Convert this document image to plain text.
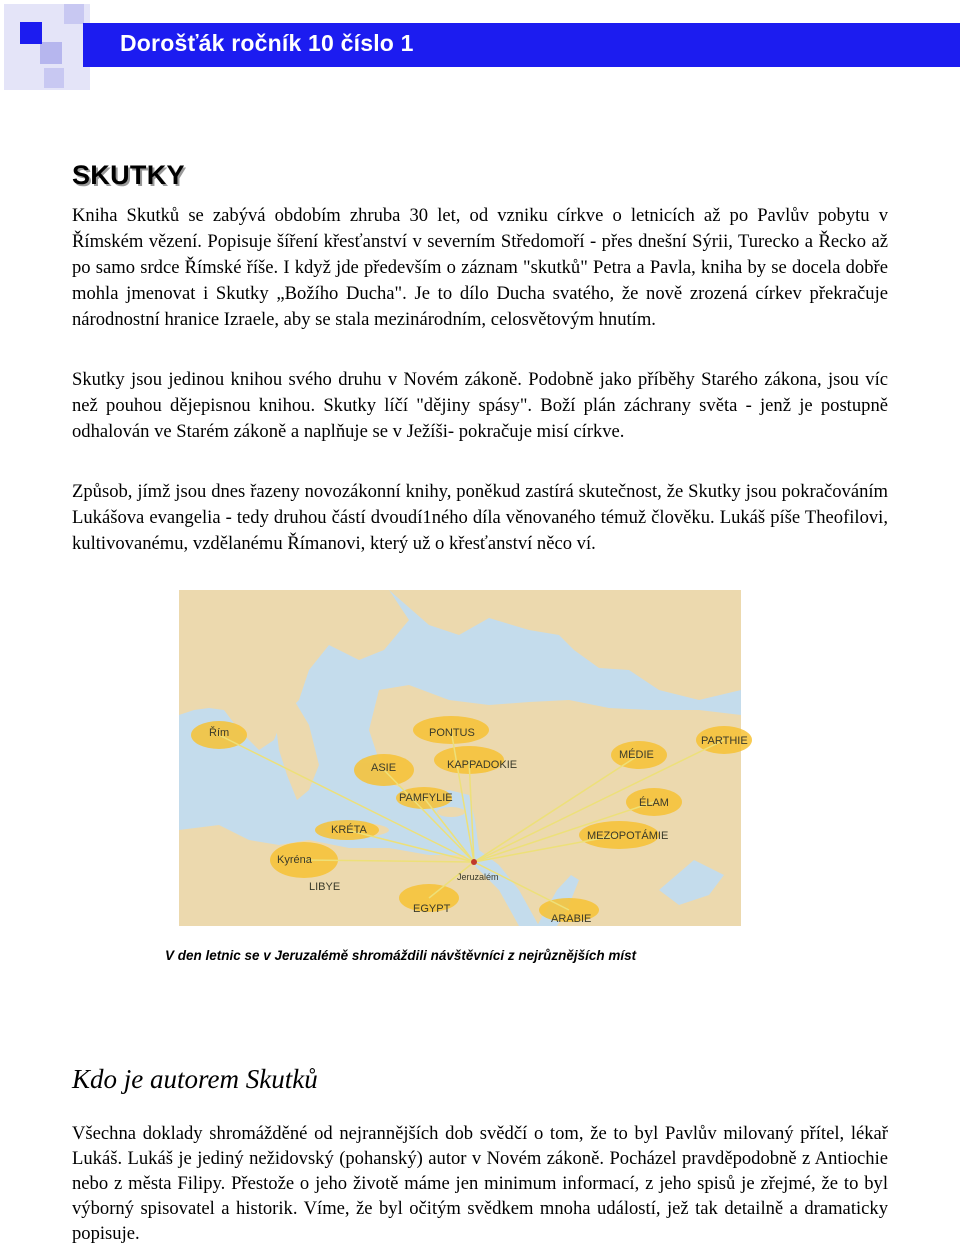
Dorošťák ročník 10 číslo 1
SKUTKY

Kniha Skutků se zabývá obdobím zhruba 30 let, od vzniku církve o letnicích až po Pavlův pobytu v Římském vězení. Popisuje šíření křesťanství v severním Středomoří - přes dnešní Sýrii, Turecko a Řecko až po samo srdce Římské říše. I když jde především o záznam "skutků" Petra a Pavla, kniha by se docela dobře mohla jmenovat i Skutky „Božího Ducha". Je to dílo Ducha svatého, že nově zrozená církev překračuje národnostní hranice Izraele, aby se stala mezinárodním, celosvětovým hnutím.

Skutky jsou jedinou knihou svého druhu v Novém zákoně. Podobně jako příběhy Starého zákona, jsou víc než pouhou dějepisnou knihou. Skutky líčí "dějiny spásy". Boží plán záchrany světa - jenž je postupně odhalován ve Starém zákoně a naplňuje se v Ježíši- pokračuje misí církve.

Způsob, jímž jsou dnes řazeny novozákonní knihy, poněkud zastírá skutečnost, že Skutky jsou pokračováním Lukášova evangelia - tedy druhou částí dvoudí1ného díla věnovaného témuž člověku. Lukáš píše Theofilovi, kultivovanému, vzdělanému Římanovi, který už o křesťanství něco ví.

Řím	PONTUS
ASIE	KAPPADOKIE
PAMFYLIE
KRÉTA
Kyréna
LIBYE
EGYPT
Jeruzalém
ARABIE
MÉDIE
ÉLAM
MEZOPOTÁMIE
PARTHIE
V den letnic se v Jeruzalémě shromáždili návštěvníci z nejrůznějších míst
Kdo je autorem Skutků

Všechna doklady shromážděné od nejrannějších dob svědčí o tom, že to byl Pavlův milovaný přítel, lékař Lukáš. Lukáš je jediný nežidovský (pohanský) autor v Novém zákoně. Pocházel pravděpodobně z Antiochie nebo z města Filipy. Přestože o jeho životě máme jen minimum informací, z jeho spisů je zřejmé, že to byl výborný spisovatel a historik. Víme, že byl očitým svědkem mnoha událostí, jež tak detailně a dramaticky popisuje.
